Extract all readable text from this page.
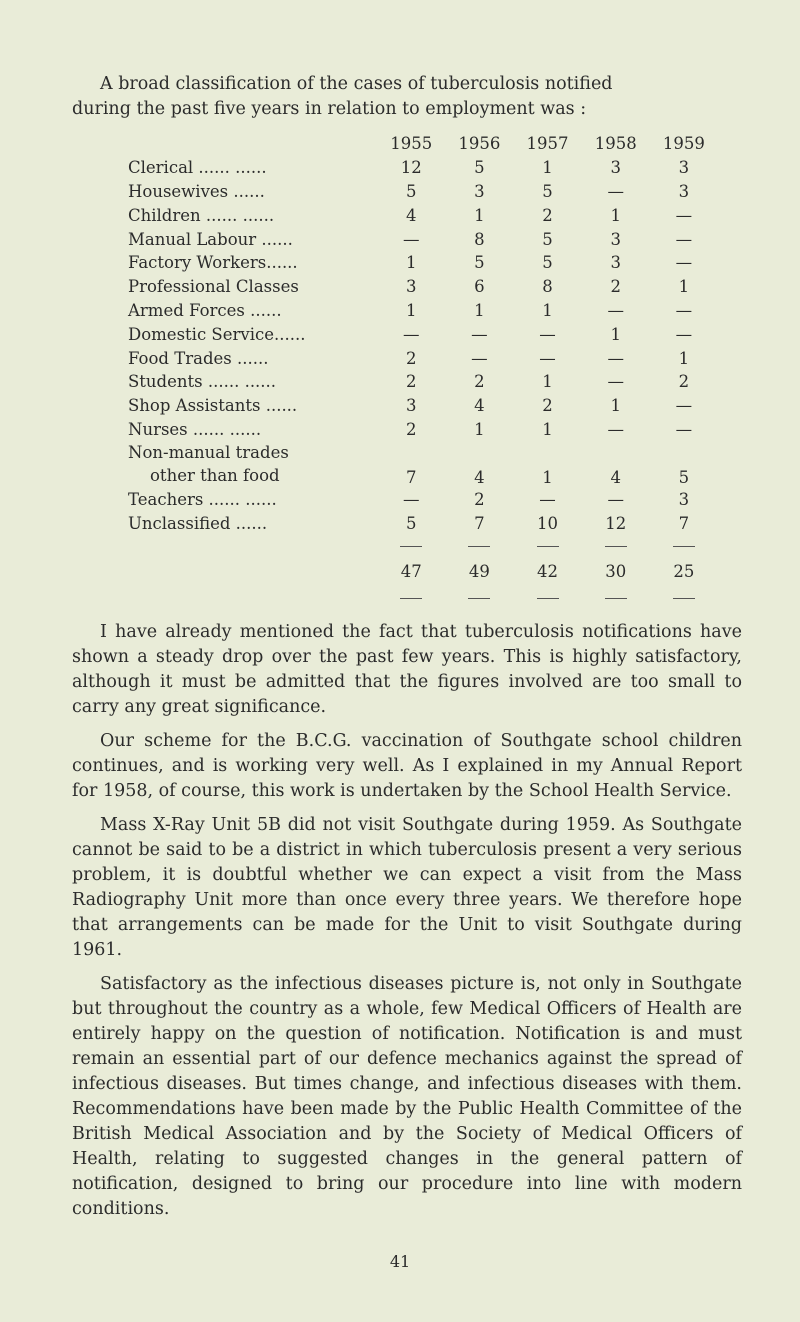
A broad classification of the cases of tuberculosis notified
during the past five years in relation to employment was :

	1955	1956	1957	1958	1959
Clerical ...... ......	12	5	1	3	3
Housewives ......	5	3	5	—	3
Children ...... ......	4	1	2	1	—
Manual Labour ......	—	8	5	3	—
Factory Workers......	1	5	5	3	—
Professional Classes	3	6	8	2	1
Armed Forces ......	1	1	1	—	—
Domestic Service......	—	—	—	1	—
Food Trades ......	2	—	—	—	1
Students ...... ......	2	2	1	—	2
Shop Assistants ......	3	4	2	1	—
Nurses ...... ......	2	1	1	—	—
Non-manual trades
other than food	7	4	1	4	5
Teachers ...... ......	—	2	—	—	3
Unclassified ......	5	7	10	12	7

	47	49	42	30	25

I have already mentioned the fact that tuberculosis notifications have shown a steady drop over the past few years. This is highly satisfactory, although it must be admitted that the figures involved are too small to carry any great significance.

Our scheme for the B.C.G. vaccination of Southgate school children continues, and is working very well. As I explained in my Annual Report for 1958, of course, this work is undertaken by the School Health Service.

Mass X-Ray Unit 5B did not visit Southgate during 1959. As Southgate cannot be said to be a district in which tuberculosis present a very serious problem, it is doubtful whether we can expect a visit from the Mass Radiography Unit more than once every three years. We therefore hope that arrangements can be made for the Unit to visit Southgate during 1961.

Satisfactory as the infectious diseases picture is, not only in Southgate but throughout the country as a whole, few Medical Officers of Health are entirely happy on the question of notification. Notification is and must remain an essential part of our defence mechanics against the spread of infectious diseases. But times change, and infectious diseases with them. Recommendations have been made by the Public Health Committee of the British Medical Association and by the Society of Medical Officers of Health, relating to suggested changes in the general pattern of notification, designed to bring our procedure into line with modern conditions.

41
